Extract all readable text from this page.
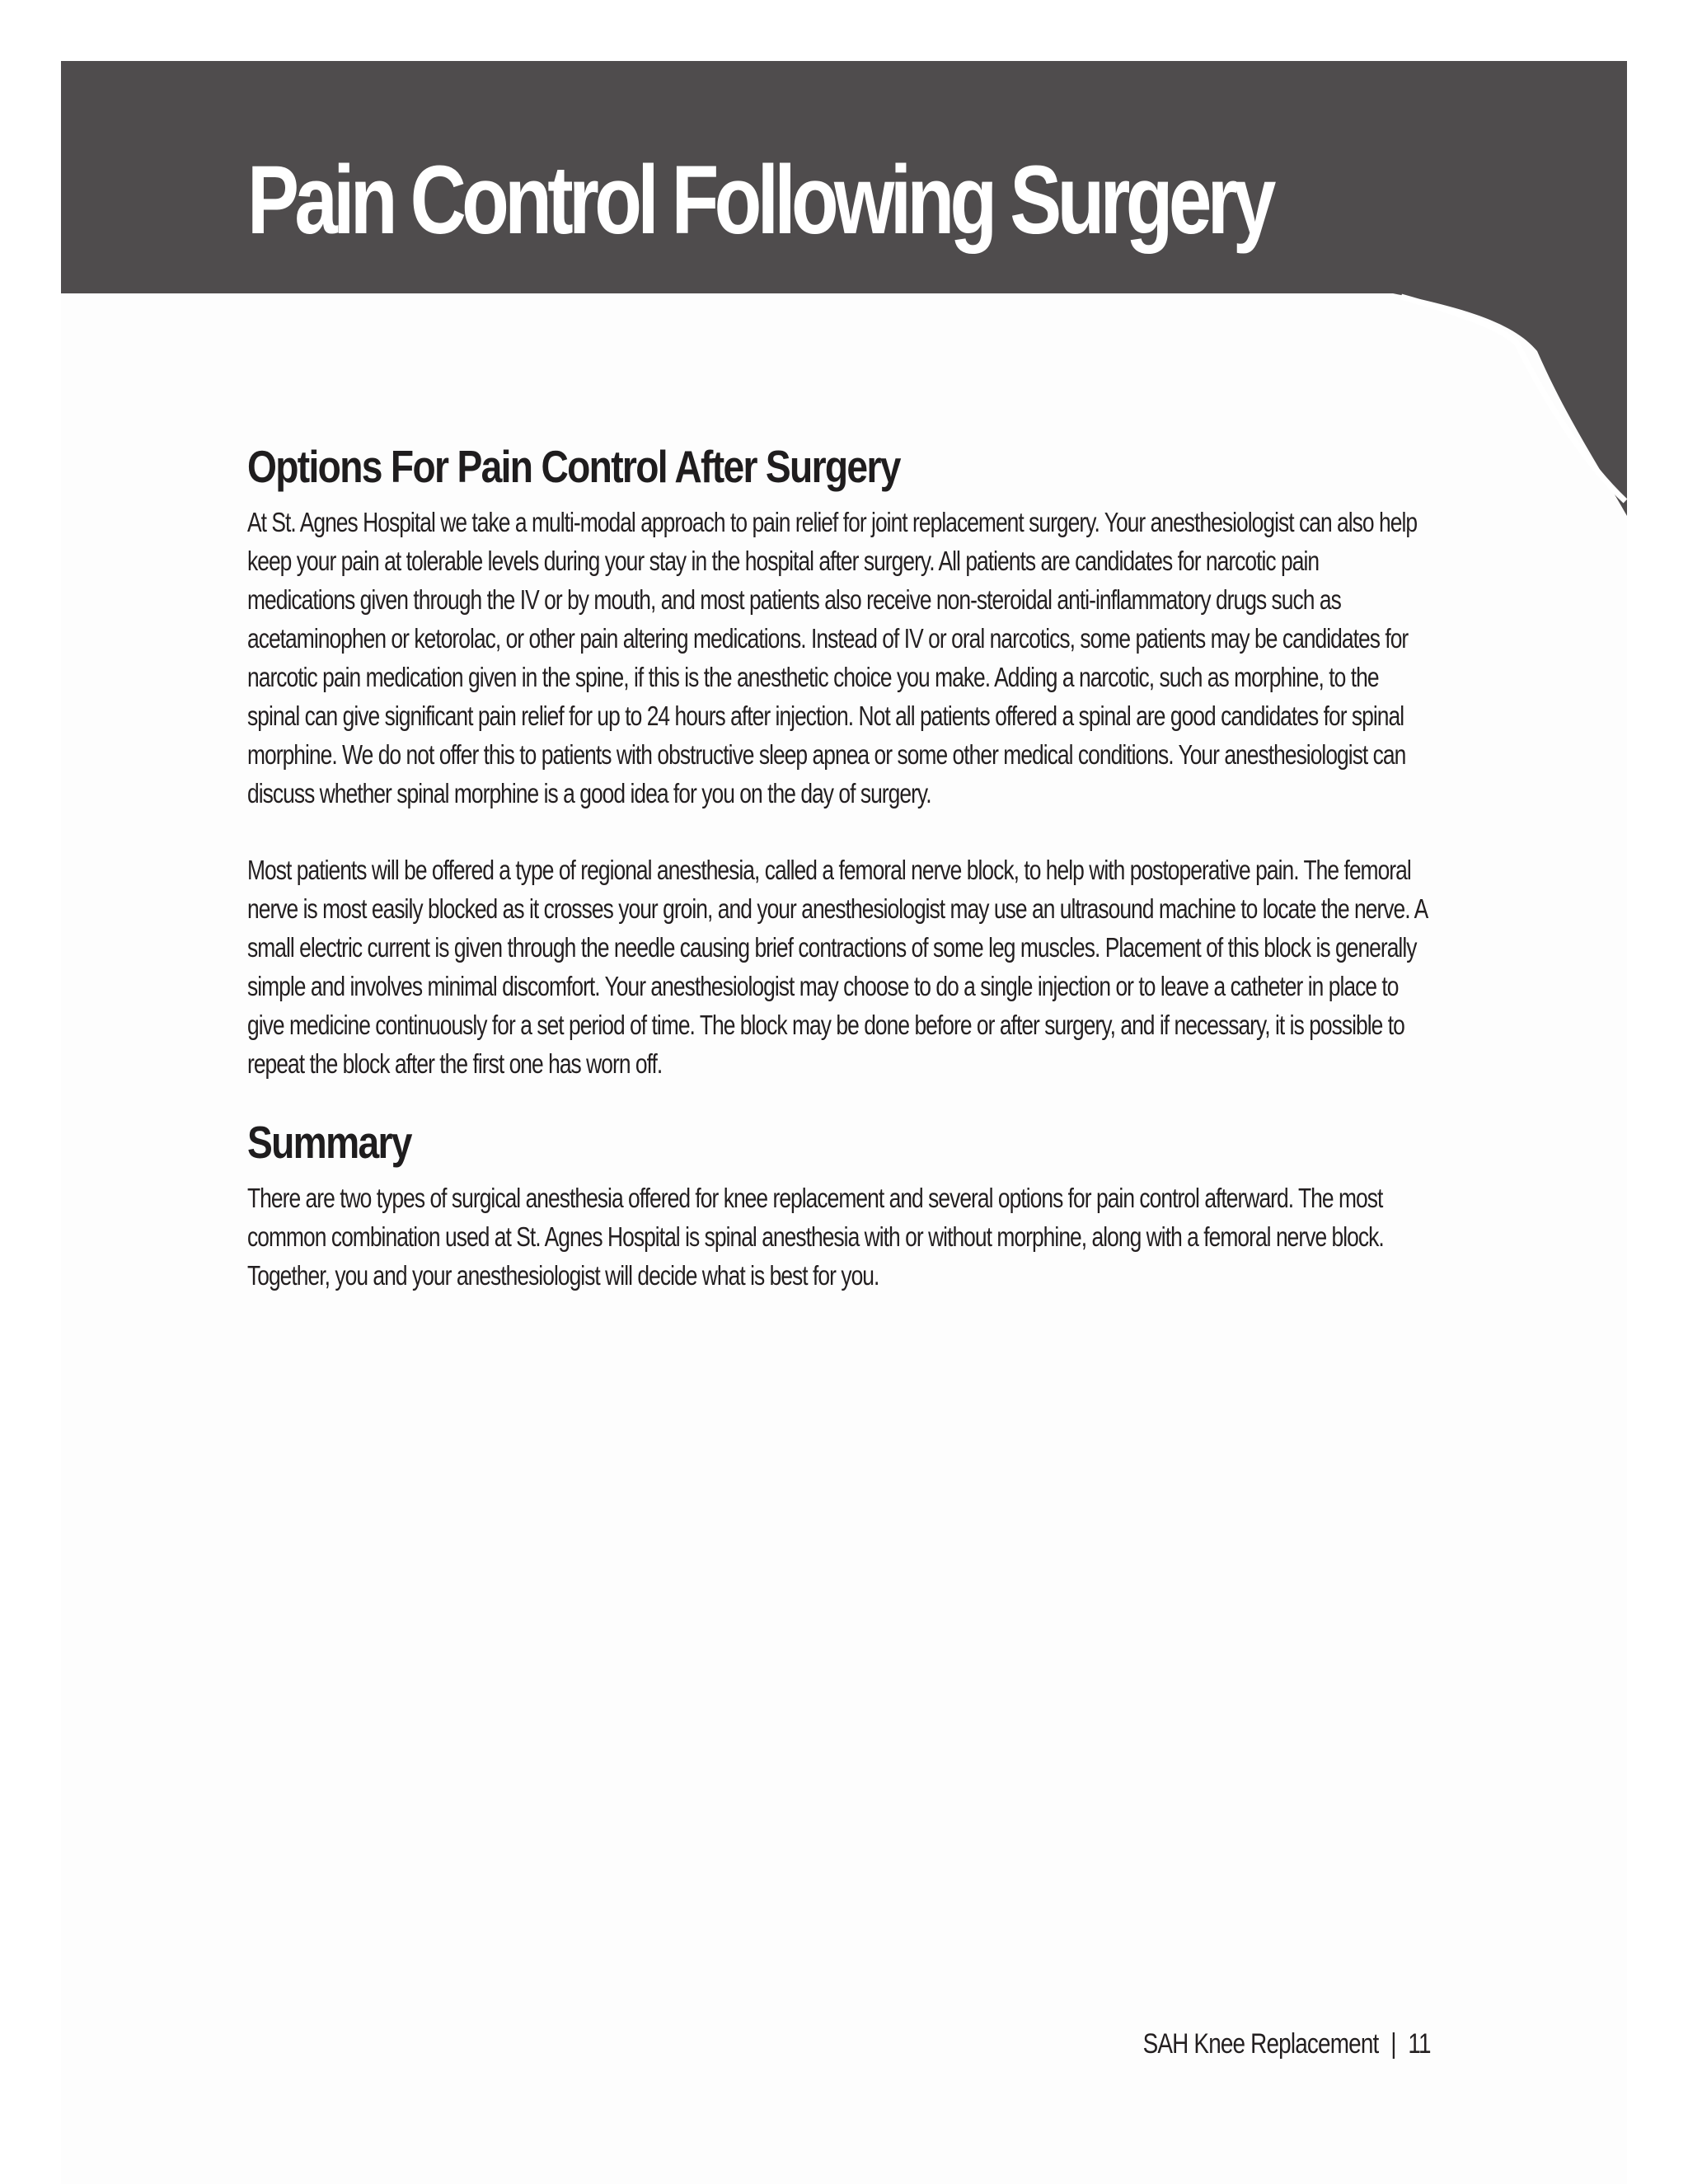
Pain Control Following Surgery
Options For Pain Control After Surgery

At St. Agnes Hospital we take a multi-modal approach to pain relief for joint replacement surgery. Your anesthesiologist can also help keep your pain at tolerable levels during your stay in the hospital after surgery. All patients are candidates for narcotic pain medications given through the IV or by mouth, and most patients also receive non-steroidal anti-inflammatory drugs such as acetaminophen or ketorolac, or other pain altering medications. Instead of IV or oral narcotics, some patients may be candidates for narcotic pain medication given in the spine, if this is the anesthetic choice you make. Adding a narcotic, such as morphine, to the spinal can give significant pain relief for up to 24 hours after injection. Not all patients offered a spinal are good candidates for spinal morphine. We do not offer this to patients with obstructive sleep apnea or some other medical conditions. Your anesthesiologist can discuss whether spinal morphine is a good idea for you on the day of surgery.

Most patients will be offered a type of regional anesthesia, called a femoral nerve block, to help with postoperative pain. The femoral nerve is most easily blocked as it crosses your groin, and your anesthesiologist may use an ultrasound machine to locate the nerve. A small electric current is given through the needle causing brief contractions of some leg muscles. Placement of this block is generally simple and involves minimal discomfort. Your anesthesiologist may choose to do a single injection or to leave a catheter in place to give medicine continuously for a set period of time. The block may be done before or after surgery, and if necessary, it is possible to repeat the block after the first one has worn off.

Summary

There are two types of surgical anesthesia offered for knee replacement and several options for pain control afterward. The most common combination used at St. Agnes Hospital is spinal anesthesia with or without morphine, along with a femoral nerve block. Together, you and your anesthesiologist will decide what is best for you.

SAH Knee Replacement | 11
